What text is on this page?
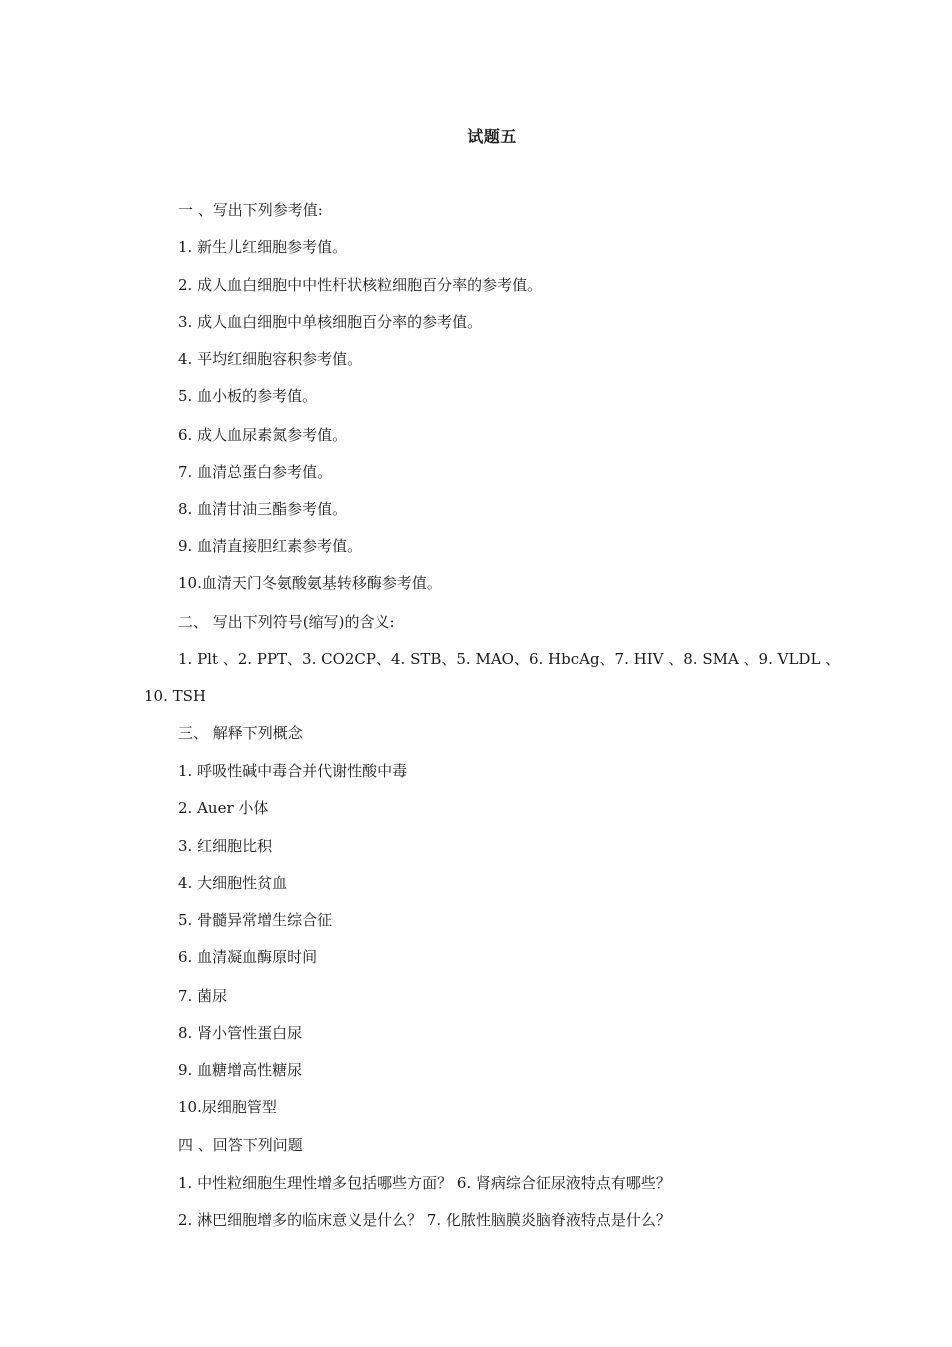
试题五
一 、写出下列参考值:
1. 新生儿红细胞参考值。
2. 成人血白细胞中中性杆状核粒细胞百分率的参考值。
3. 成人血白细胞中单核细胞百分率的参考值。
4. 平均红细胞容积参考值。
5. 血小板的参考值。
6. 成人血尿素氮参考值。
7. 血清总蛋白参考值。
8. 血清甘油三酯参考值。
9. 血清直接胆红素参考值。
10.血清天门冬氨酸氨基转移酶参考值。
二、 写出下列符号(缩写)的含义:
1. Plt 、2. PPT、3. CO2CP、4. STB、5. MAO、6. HbcAg、7. HIV 、8. SMA 、9. VLDL 、
10. TSH
三、 解释下列概念
1. 呼吸性碱中毒合并代谢性酸中毒
2. Auer 小体
3. 红细胞比积
4. 大细胞性贫血
5. 骨髓异常增生综合征
6. 血清凝血酶原时间
7. 菌尿
8. 肾小管性蛋白尿
9. 血糖增高性糖尿
10.尿细胞管型
四 、回答下列问题
1. 中性粒细胞生理性增多包括哪些方面？ 6. 肾病综合征尿液特点有哪些？
2. 淋巴细胞增多的临床意义是什么？ 7. 化脓性脑膜炎脑脊液特点是什么？
